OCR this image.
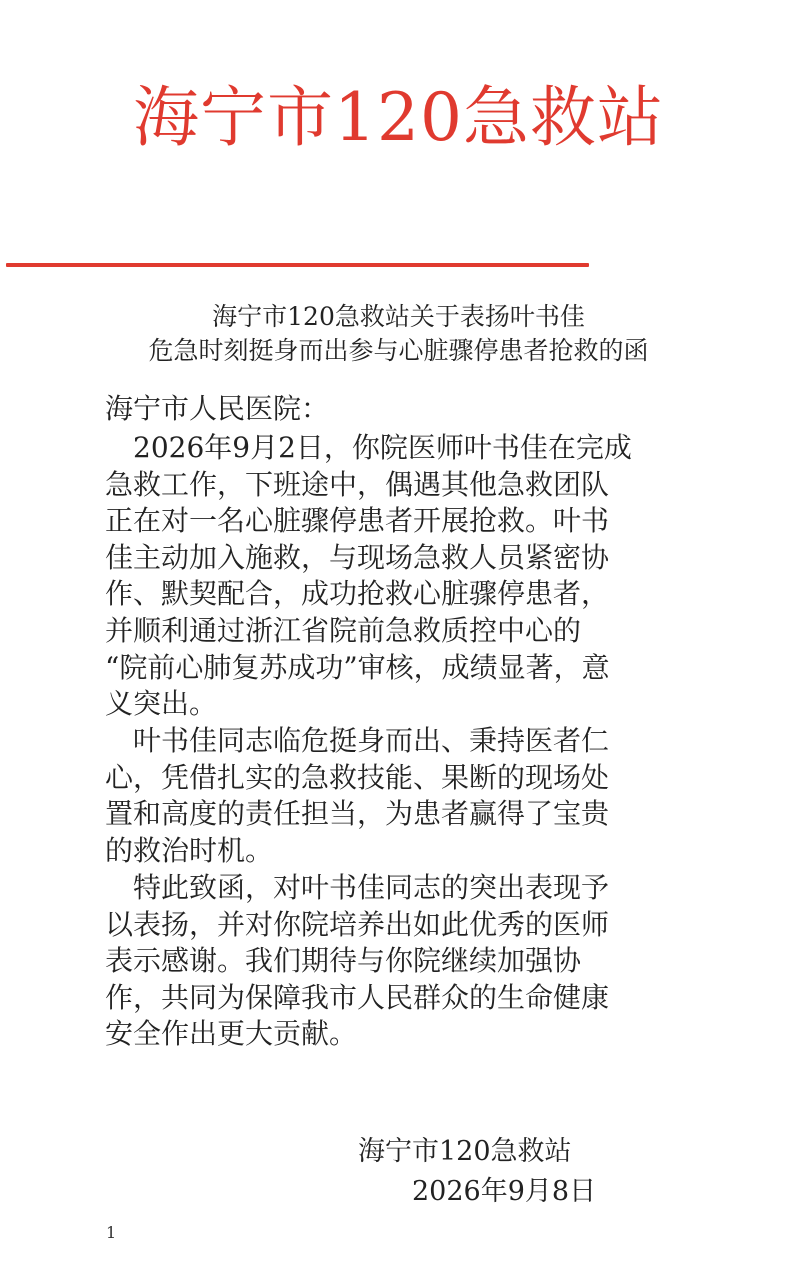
海宁市120急救站
海宁市120急救站关于表扬叶书佳
危急时刻挺身而出参与心脏骤停患者抢救的函
海宁市人民医院：
　2026年9月2日，你院医师叶书佳在完成
急救工作，下班途中，偶遇其他急救团队
正在对一名心脏骤停患者开展抢救。叶书
佳主动加入施救，与现场急救人员紧密协
作、默契配合，成功抢救心脏骤停患者，
并顺利通过浙江省院前急救质控中心的
“院前心肺复苏成功”审核，成绩显著，意
义突出。
　叶书佳同志临危挺身而出、秉持医者仁
心，凭借扎实的急救技能、果断的现场处
置和高度的责任担当，为患者赢得了宝贵
的救治时机。
　特此致函，对叶书佳同志的突出表现予
以表扬，并对你院培养出如此优秀的医师
表示感谢。我们期待与你院继续加强协
作，共同为保障我市人民群众的生命健康
安全作出更大贡献。
海宁市120急救站
2026年9月8日
1
